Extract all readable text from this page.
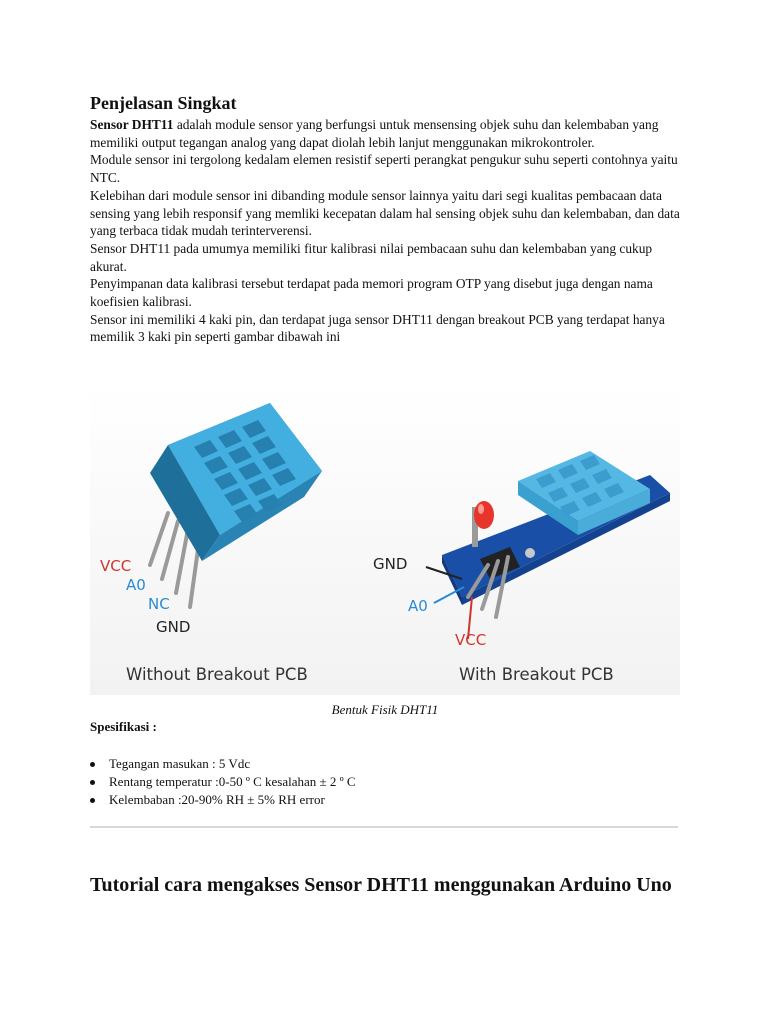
Penjelasan Singkat

Sensor DHT11 adalah module sensor yang berfungsi untuk mensensing objek suhu dan kelembaban yang memiliki output tegangan analog yang dapat diolah lebih lanjut menggunakan mikrokontroler.

Module sensor ini tergolong kedalam elemen resistif seperti perangkat pengukur suhu seperti contohnya yaitu NTC.

Kelebihan dari module sensor ini dibanding module sensor lainnya yaitu dari segi kualitas pembacaan data sensing yang lebih responsif yang memliki kecepatan dalam hal sensing objek suhu dan kelembaban, dan data yang terbaca tidak mudah terinterverensi.

Sensor DHT11 pada umumya memiliki fitur kalibrasi nilai pembacaan suhu dan kelembaban yang cukup akurat.

Penyimpanan data kalibrasi tersebut terdapat pada memori program OTP yang disebut juga dengan nama koefisien kalibrasi.

Sensor ini memiliki 4 kaki pin, dan terdapat juga sensor DHT11 dengan breakout PCB yang terdapat hanya memilik 3 kaki pin seperti gambar dibawah ini

VCC
A0
NC
GND
Without Breakout PCB
GND
A0
VCC
With Breakout PCB
Bentuk Fisik DHT11
Spesifikasi :
Tegangan masukan : 5 Vdc
Rentang temperatur :0-50 º C kesalahan ± 2 º C
Kelembaban :20-90% RH ± 5% RH error
Tutorial cara mengakses Sensor DHT11 menggunakan Arduino Uno
